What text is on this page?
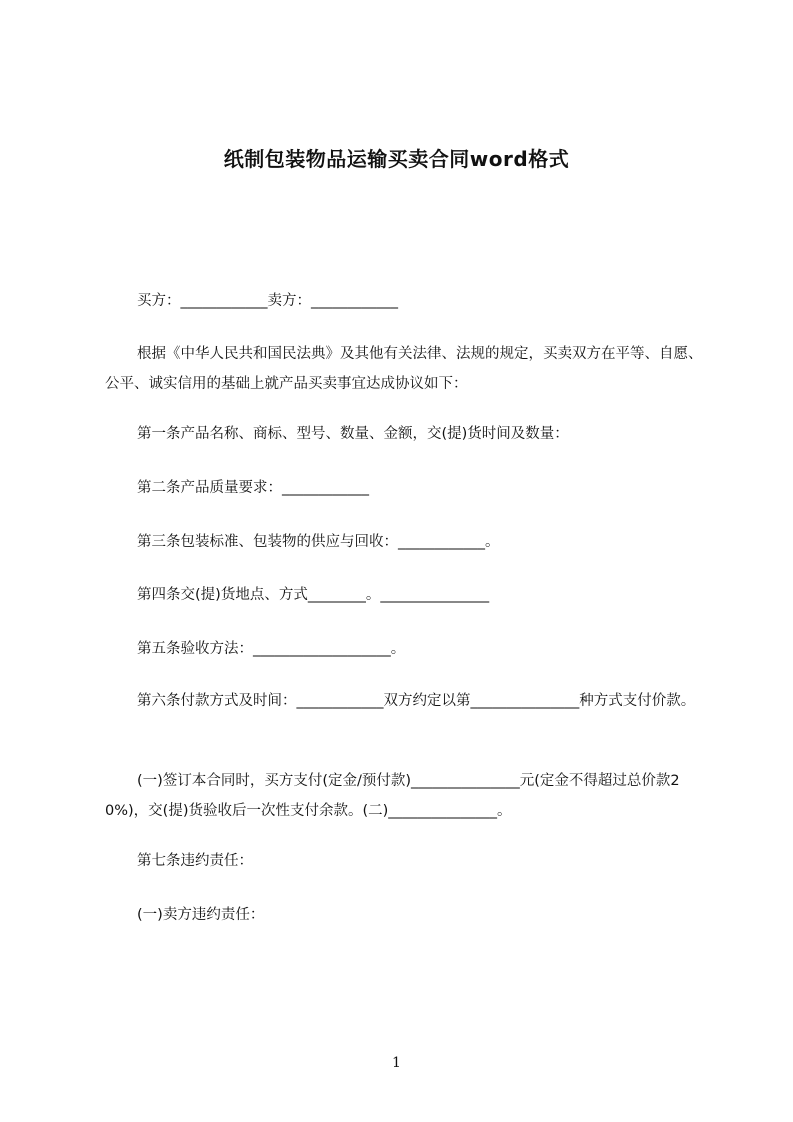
纸制包装物品运输买卖合同word格式
买方：____________卖方：____________
根据《中华人民共和国民法典》及其他有关法律、法规的规定，买卖双方在平等、自愿、公平、诚实信用的基础上就产品买卖事宜达成协议如下：
第一条产品名称、商标、型号、数量、金额，交(提)货时间及数量：
第二条产品质量要求：____________
第三条包装标准、包装物的供应与回收：____________。
第四条交(提)货地点、方式________。_______________
第五条验收方法：___________________。
第六条付款方式及时间：____________双方约定以第_______________种方式支付价款。
(一)签订本合同时，买方支付(定金/预付款)_______________元(定金不得超过总价款20%)，交(提)货验收后一次性支付余款。(二)_______________。
第七条违约责任：
(一)卖方违约责任：
1
